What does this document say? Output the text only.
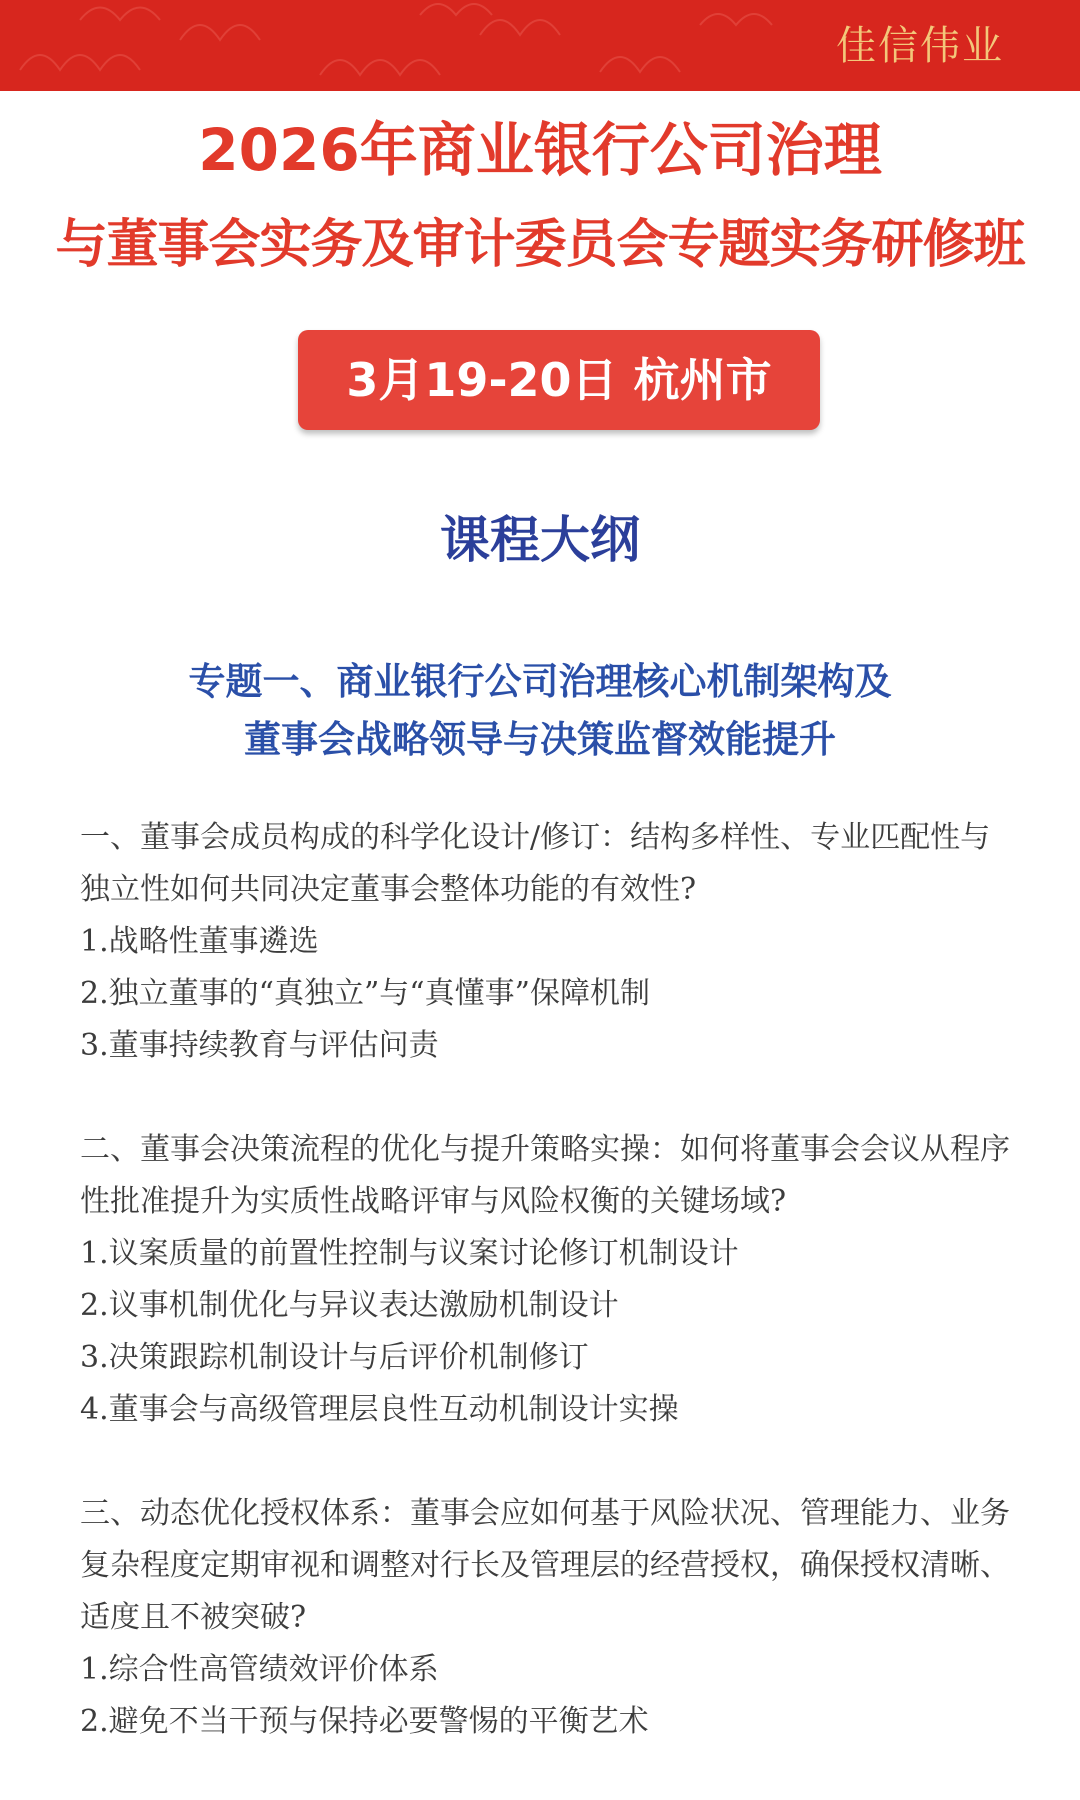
佳信伟业
2026年商业银行公司治理
与董事会实务及审计委员会专题实务研修班
3月19-20日 杭州市
课程大纲
专题一、商业银行公司治理核心机制架构及
董事会战略领导与决策监督效能提升

一、董事会成员构成的科学化设计/修订：结构多样性、专业匹配性与独立性如何共同决定董事会整体功能的有效性?

1.战略性董事遴选

2.独立董事的“真独立”与“真懂事”保障机制

3.董事持续教育与评估问责

二、董事会决策流程的优化与提升策略实操：如何将董事会会议从程序性批准提升为实质性战略评审与风险权衡的关键场域?

1.议案质量的前置性控制与议案讨论修订机制设计

2.议事机制优化与异议表达激励机制设计

3.决策跟踪机制设计与后评价机制修订

4.董事会与高级管理层良性互动机制设计实操

三、动态优化授权体系：董事会应如何基于风险状况、管理能力、业务复杂程度定期审视和调整对行长及管理层的经营授权，确保授权清晰、适度且不被突破?

1.综合性高管绩效评价体系

2.避免不当干预与保持必要警惕的平衡艺术
